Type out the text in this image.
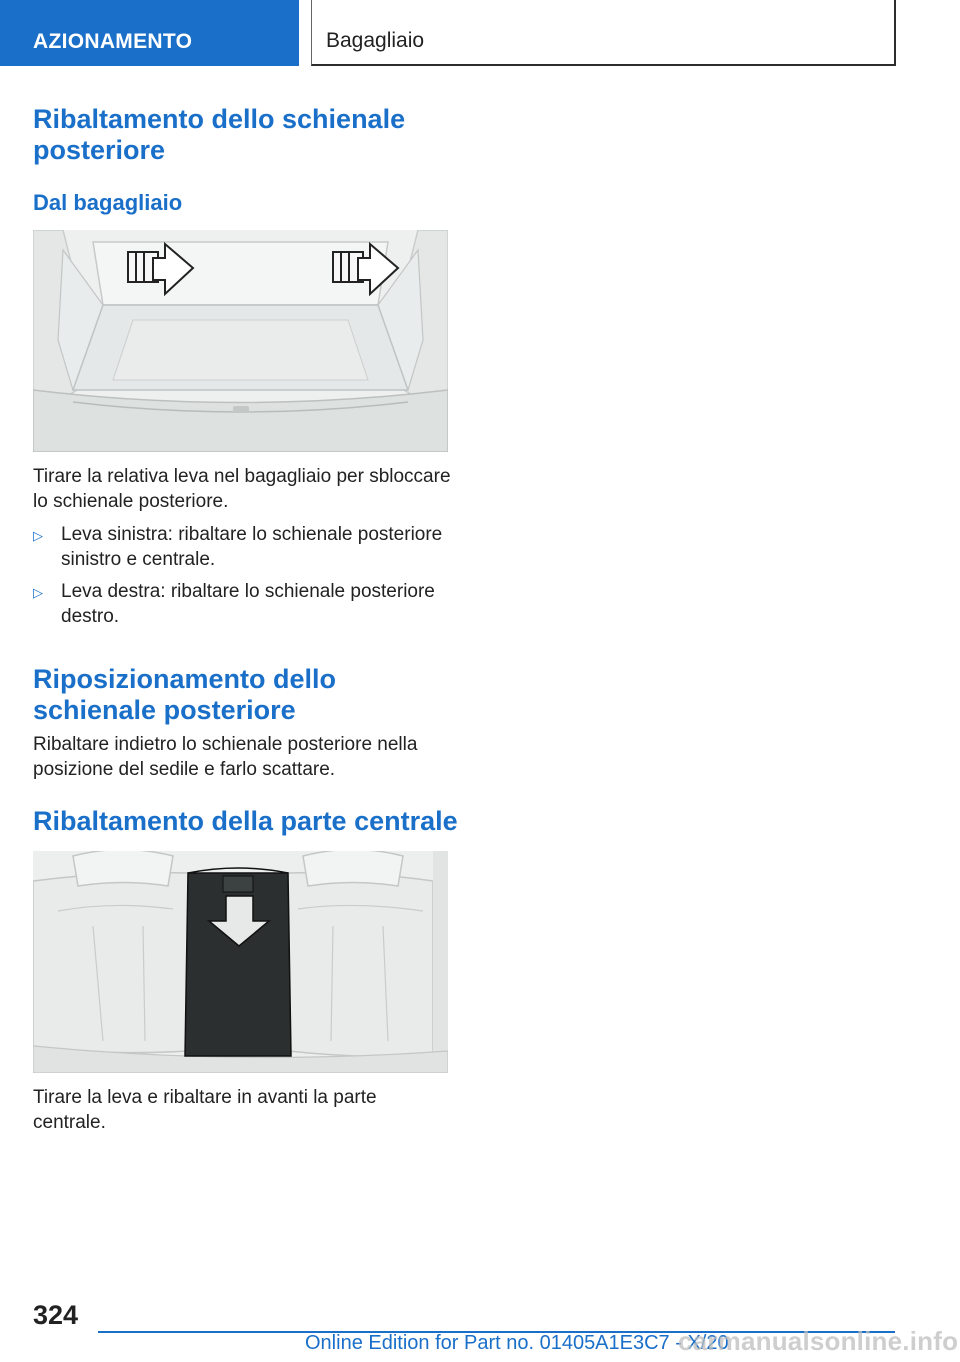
AZIONAMENTO	Bagagliaio
Ribaltamento dello schienale posteriore
Dal bagagliaio

Tirare la relativa leva nel bagagliaio per sbloccare lo schienale posteriore.

▷ Leva sinistra: ribaltare lo schienale posteriore sinistro e centrale.
▷ Leva destra: ribaltare lo schienale posteriore destro.
Riposizionamento dello schienale posteriore

Ribaltare indietro lo schienale posteriore nella posizione del sedile e farlo scattare.

Ribaltamento della parte centrale

Tirare la leva e ribaltare in avanti la parte centrale.

324
Online Edition for Part no. 01405A1E3C7 - X/20
carmanualsonline.info
